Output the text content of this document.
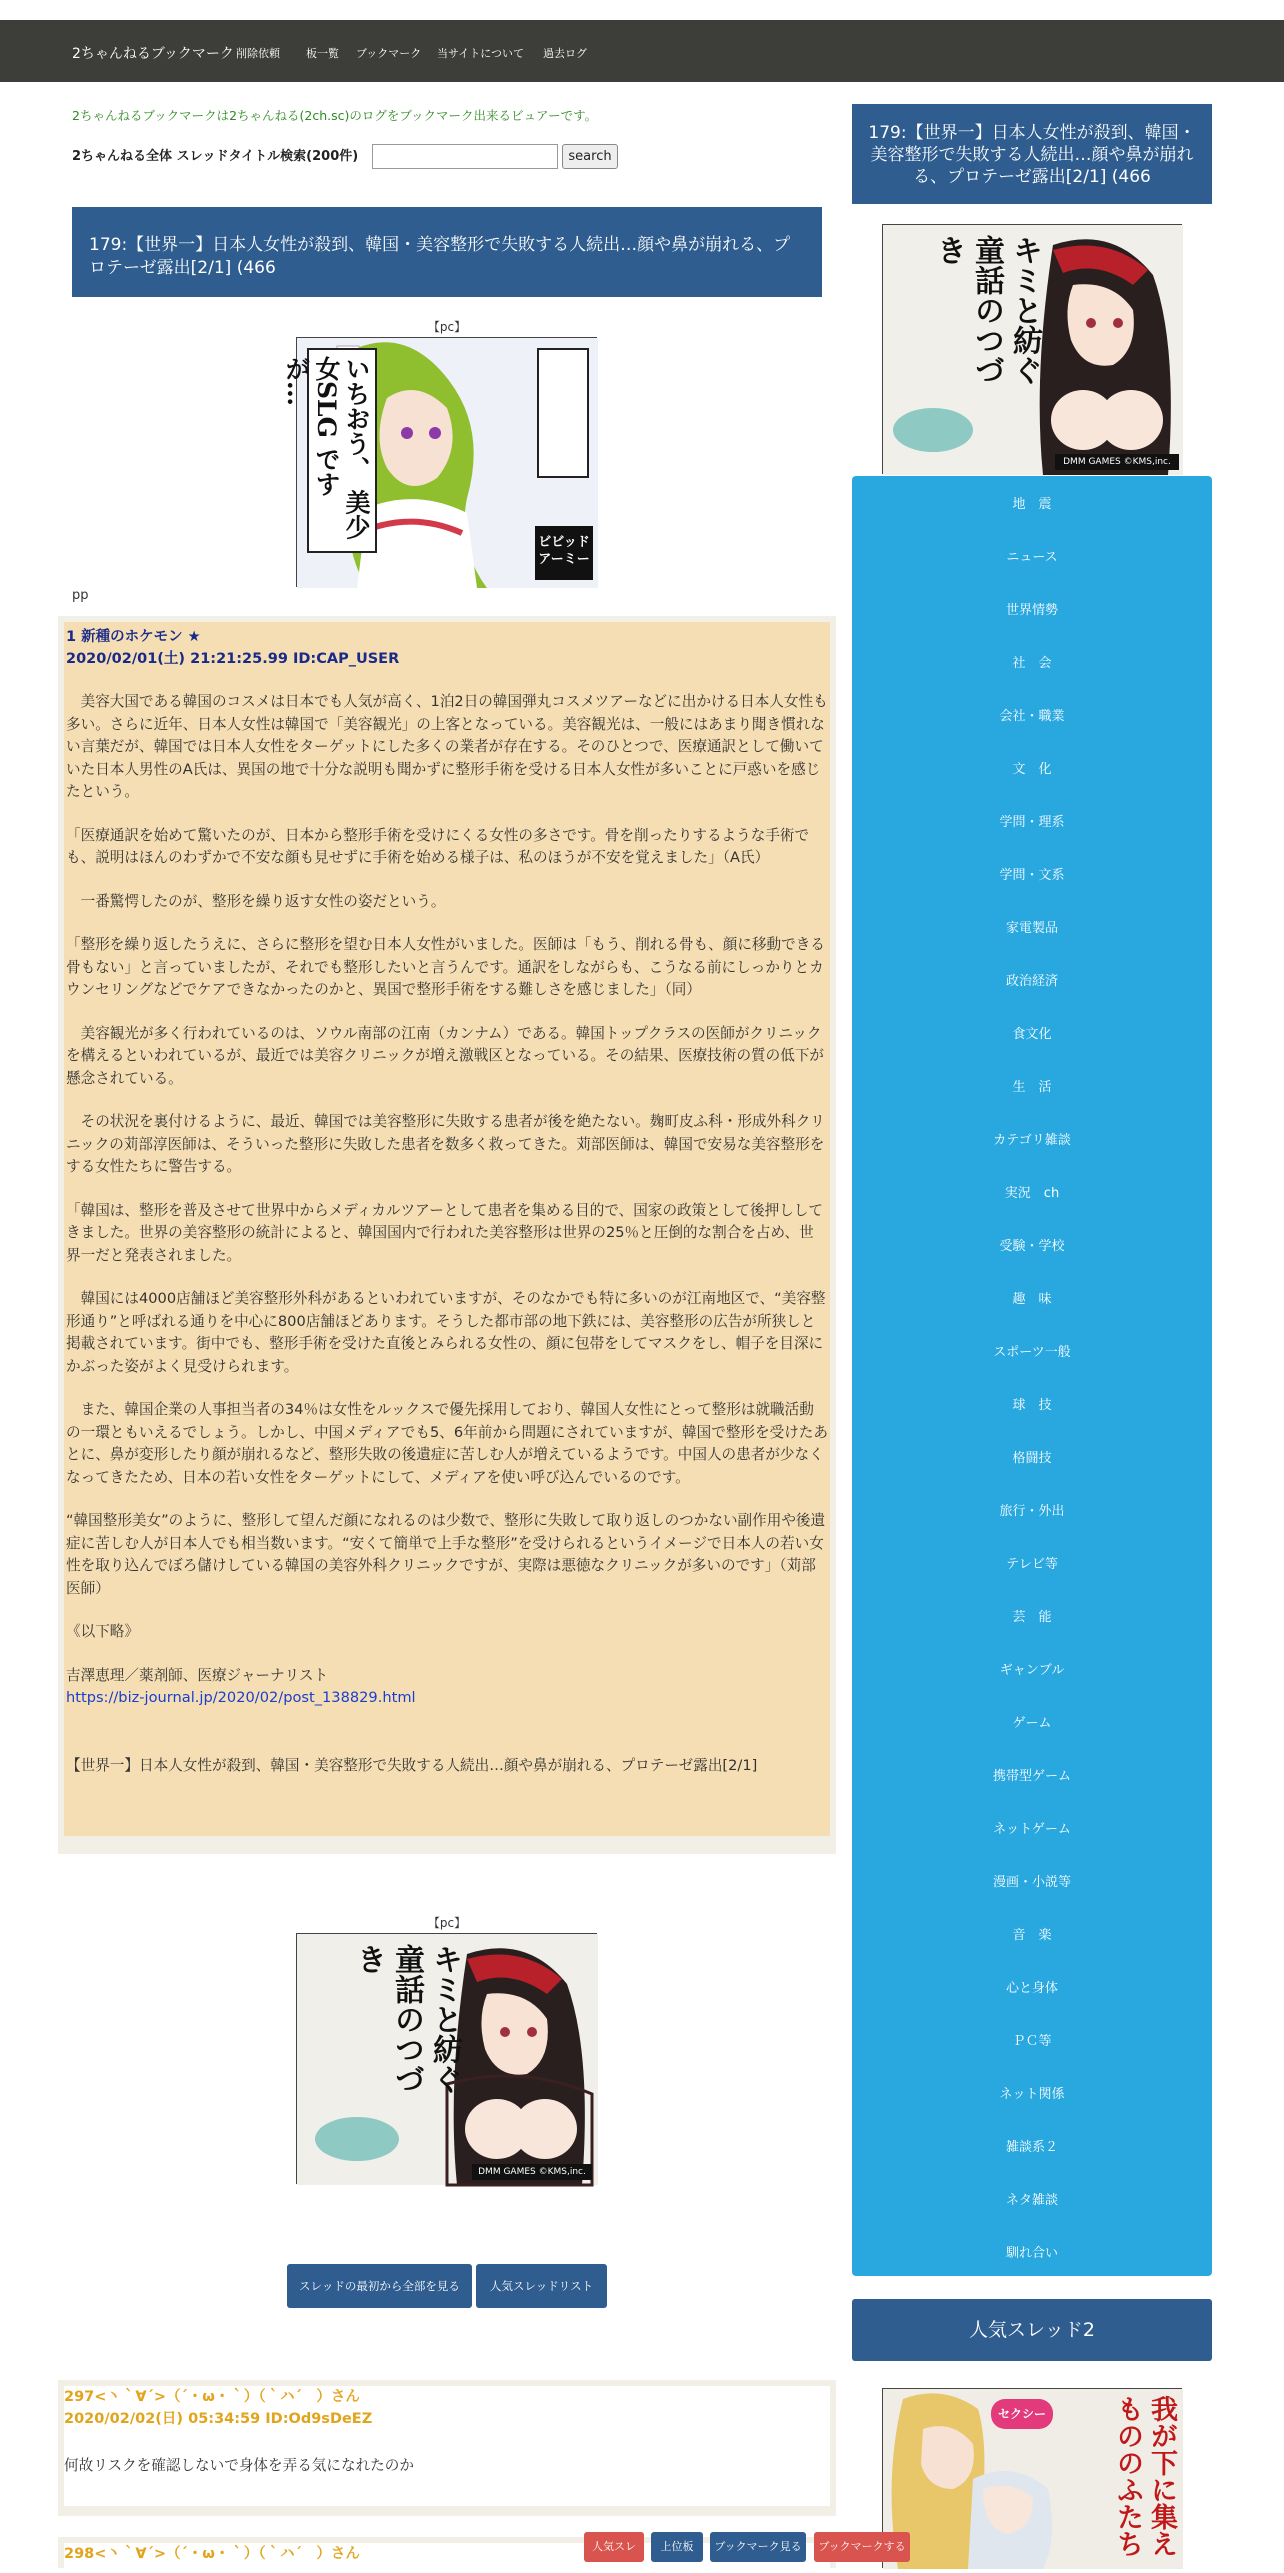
2ちゃんねるブックマーク 削除依頼 板一覧 ブックマーク 当サイトについて 過去ログ
2ちゃんねるブックマークは2ちゃんねる(2ch.sc)のログをブックマーク出来るビュアーです。
2ちゃんねる全体 スレッドタイトル検索(200件)	search
179:【世界一】日本人女性が殺到、韓国・美容整形で失敗する人続出…顔や鼻が崩れる、プロテーゼ露出[2/1] (466
【pc】
いちおう、 美少女SLG ですが…
ビビッド アーミー
pp
1 新種のホケモン ★
2020/02/01(土) 21:21:25.99 ID:CAP_USER

　美容大国である韓国のコスメは日本でも人気が高く、1泊2日の韓国弾丸コスメツアーなどに出かける日本人女性も多い。さらに近年、日本人女性は韓国で「美容観光」の上客となっている。美容観光は、一般にはあまり聞き慣れない言葉だが、韓国では日本人女性をターゲットにした多くの業者が存在する。そのひとつで、医療通訳として働いていた日本人男性のA氏は、異国の地で十分な説明も聞かずに整形手術を受ける日本人女性が多いことに戸惑いを感じたという。

「医療通訳を始めて驚いたのが、日本から整形手術を受けにくる女性の多さです。骨を削ったりするような手術でも、説明はほんのわずかで不安な顔も見せずに手術を始める様子は、私のほうが不安を覚えました」（A氏）

　一番驚愕したのが、整形を繰り返す女性の姿だという。

「整形を繰り返したうえに、さらに整形を望む日本人女性がいました。医師は「もう、削れる骨も、顔に移動できる骨もない」と言っていましたが、それでも整形したいと言うんです。通訳をしながらも、こうなる前にしっかりとカウンセリングなどでケアできなかったのかと、異国で整形手術をする難しさを感じました」（同）

　美容観光が多く行われているのは、ソウル南部の江南（カンナム）である。韓国トップクラスの医師がクリニックを構えるといわれているが、最近では美容クリニックが増え激戦区となっている。その結果、医療技術の質の低下が懸念されている。

　その状況を裏付けるように、最近、韓国では美容整形に失敗する患者が後を絶たない。麹町皮ふ科・形成外科クリニックの苅部淳医師は、そういった整形に失敗した患者を数多く救ってきた。苅部医師は、韓国で安易な美容整形をする女性たちに警告する。

「韓国は、整形を普及させて世界中からメディカルツアーとして患者を集める目的で、国家の政策として後押ししてきました。世界の美容整形の統計によると、韓国国内で行われた美容整形は世界の25％と圧倒的な割合を占め、世界一だと発表されました。

　韓国には4000店舗ほど美容整形外科があるといわれていますが、そのなかでも特に多いのが江南地区で、“美容整形通り”と呼ばれる通りを中心に800店舗ほどあります。そうした都市部の地下鉄には、美容整形の広告が所狭しと掲載されています。街中でも、整形手術を受けた直後とみられる女性の、顔に包帯をしてマスクをし、帽子を目深にかぶった姿がよく見受けられます。

　また、韓国企業の人事担当者の34％は女性をルックスで優先採用しており、韓国人女性にとって整形は就職活動の一環ともいえるでしょう。しかし、中国メディアでも5、6年前から問題にされていますが、韓国で整形を受けたあとに、鼻が変形したり顔が崩れるなど、整形失敗の後遺症に苦しむ人が増えているようです。中国人の患者が少なくなってきたため、日本の若い女性をターゲットにして、メディアを使い呼び込んでいるのです。

“韓国整形美女”のように、整形して望んだ顔になれるのは少数で、整形に失敗して取り返しのつかない副作用や後遺症に苦しむ人が日本人でも相当数います。“安くて簡単で上手な整形”を受けられるというイメージで日本人の若い女性を取り込んでぼろ儲けしている韓国の美容外科クリニックですが、実際は悪徳なクリニックが多いのです」（苅部医師）

《以下略》

吉澤恵理／薬剤師、医療ジャーナリスト

https://biz-journal.jp/2020/02/post_138829.html

【世界一】日本人女性が殺到、韓国・美容整形で失敗する人続出…顔や鼻が崩れる、プロテーゼ露出[2/1]

【pc】
キミと紡ぐ 童話のつづき
DMM GAMES ©KMS,inc.
スレッドの最初から全部を見る	人気スレッドリスト
297<丶｀∀´>（´・ω・｀）（｀ハ´　）さん
2020/02/02(日) 05:34:59 ID:Od9sDeEZ
何故リスクを確認しないで身体を弄る気になれたのか
298<丶｀∀´>（´・ω・｀）（｀ハ´　）さん
179:【世界一】日本人女性が殺到、韓国・美容整形で失敗する人続出…顔や鼻が崩れる、プロテーゼ露出[2/1] (466
キミと紡ぐ 童話のつづき
DMM GAMES ©KMS,inc.
地　震
ニュース
世界情勢
社　会
会社・職業
文　化
学問・理系
学問・文系
家電製品
政治経済
食文化
生　活
カテゴリ雑談
実況　ch
受験・学校
趣　味
スポーツ一般
球　技
格闘技
旅行・外出
テレビ等
芸　能
ギャンブル
ゲーム
携帯型ゲーム
ネットゲーム
漫画・小説等
音　楽
心と身体
ＰＣ等
ネット関係
雑談系２
ネタ雑談
馴れ合い
人気スレッド2
セクシー	我が下に集え もののふたち
人気スレ	上位板	ブックマーク見る	ブックマークする
